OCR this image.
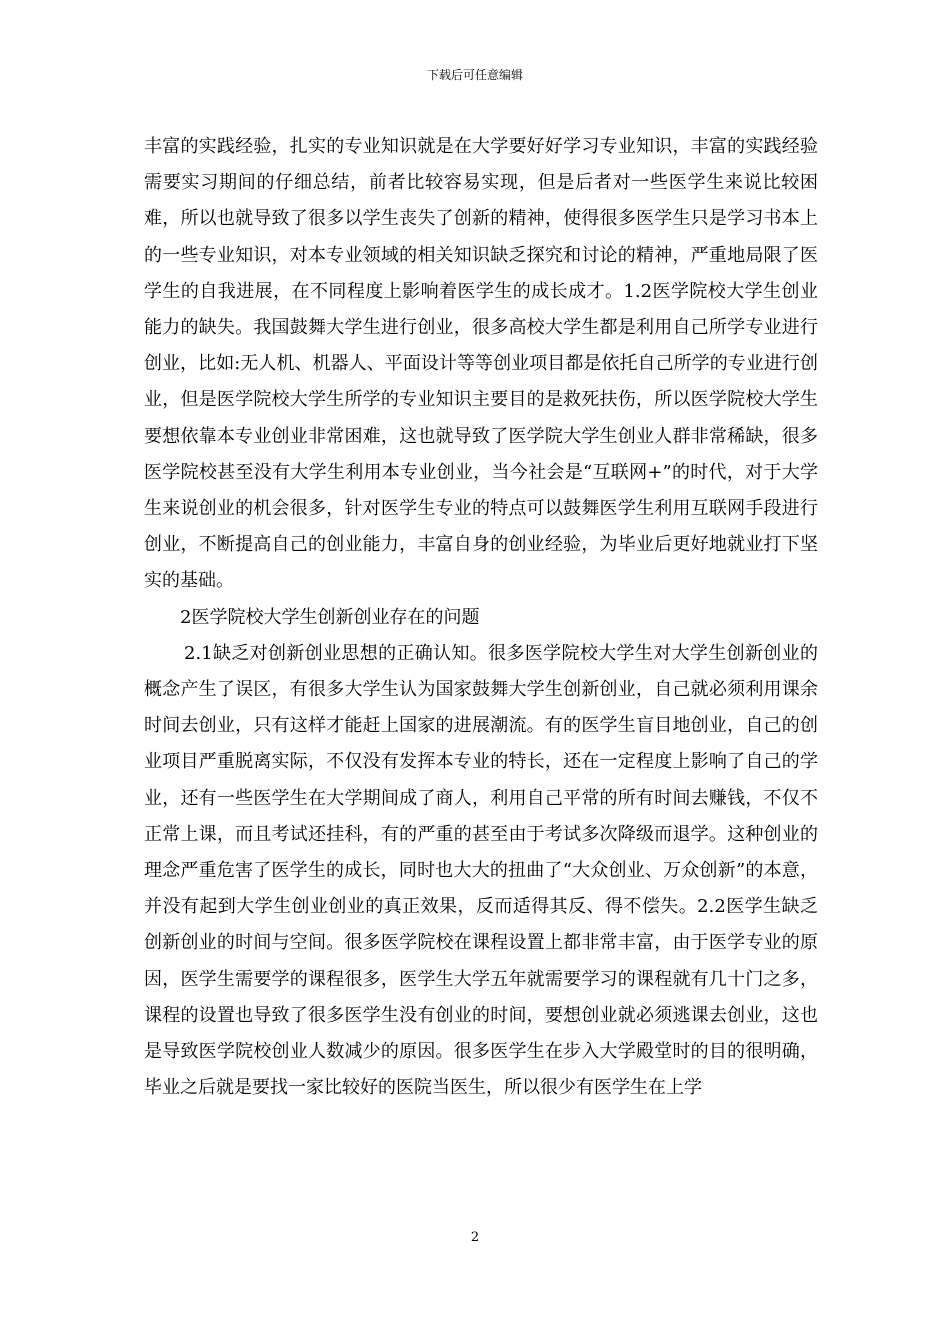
下载后可任意编辑

丰富的实践经验，扎实的专业知识就是在大学要好好学习专业知识，丰富的实践经验需要实习期间的仔细总结，前者比较容易实现，但是后者对一些医学生来说比较困难，所以也就导致了很多以学生丧失了创新的精神，使得很多医学生只是学习书本上的一些专业知识，对本专业领域的相关知识缺乏探究和讨论的精神，严重地局限了医学生的自我进展，在不同程度上影响着医学生的成长成才。1.2医学院校大学生创业能力的缺失。我国鼓舞大学生进行创业，很多高校大学生都是利用自己所学专业进行创业，比如:无人机、机器人、平面设计等等创业项目都是依托自己所学的专业进行创业，但是医学院校大学生所学的专业知识主要目的是救死扶伤，所以医学院校大学生要想依靠本专业创业非常困难，这也就导致了医学院大学生创业人群非常稀缺，很多医学院校甚至没有大学生利用本专业创业，当今社会是“互联网+”的时代，对于大学生来说创业的机会很多，针对医学生专业的特点可以鼓舞医学生利用互联网手段进行创业，不断提高自己的创业能力，丰富自身的创业经验，为毕业后更好地就业打下坚实的基础。

2医学院校大学生创新创业存在的问题

2.1缺乏对创新创业思想的正确认知。很多医学院校大学生对大学生创新创业的概念产生了误区，有很多大学生认为国家鼓舞大学生创新创业，自己就必须利用课余时间去创业，只有这样才能赶上国家的进展潮流。有的医学生盲目地创业，自己的创业项目严重脱离实际，不仅没有发挥本专业的特长，还在一定程度上影响了自己的学业，还有一些医学生在大学期间成了商人，利用自己平常的所有时间去赚钱，不仅不正常上课，而且考试还挂科，有的严重的甚至由于考试多次降级而退学。这种创业的理念严重危害了医学生的成长，同时也大大的扭曲了“大众创业、万众创新”的本意，并没有起到大学生创业创业的真正效果，反而适得其反、得不偿失。2.2医学生缺乏创新创业的时间与空间。很多医学院校在课程设置上都非常丰富，由于医学专业的原因，医学生需要学的课程很多，医学生大学五年就需要学习的课程就有几十门之多，课程的设置也导致了很多医学生没有创业的时间，要想创业就必须逃课去创业，这也是导致医学院校创业人数减少的原因。很多医学生在步入大学殿堂时的目的很明确，毕业之后就是要找一家比较好的医院当医生，所以很少有医学生在上学

2
